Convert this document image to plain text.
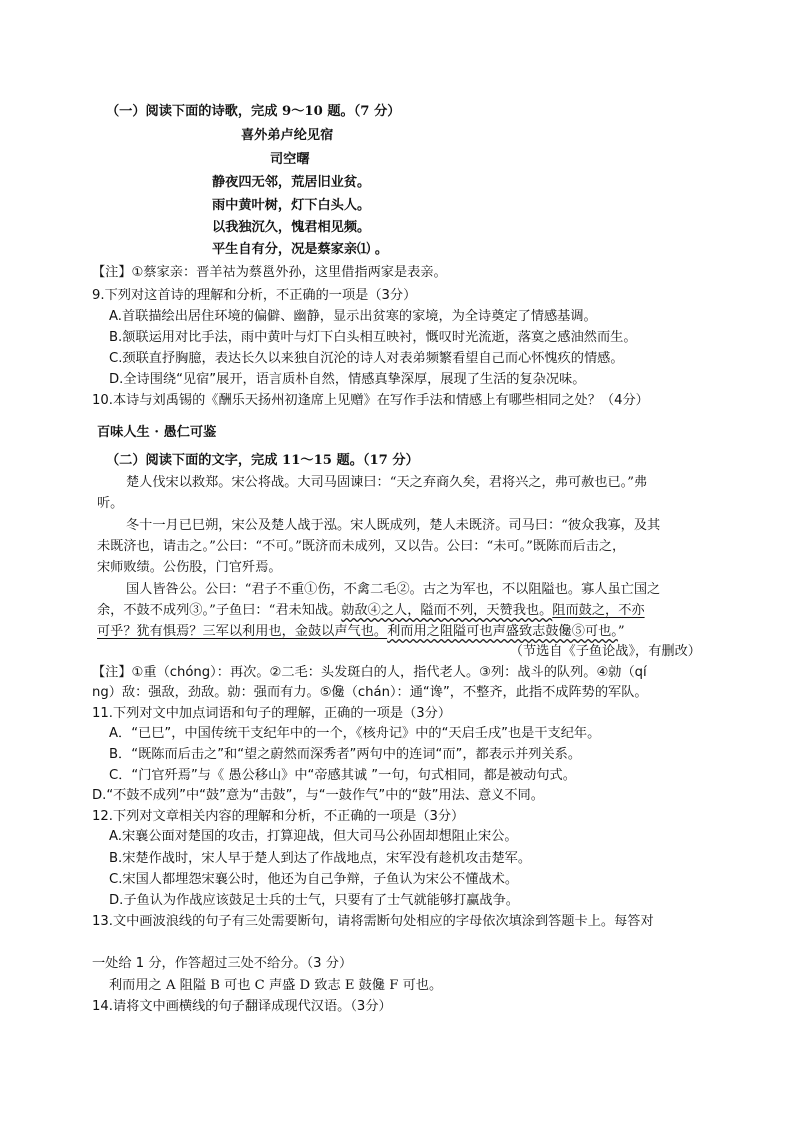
（一）阅读下面的诗歌，完成 9～10 题。（7 分）
喜外弟卢纶见宿
司空曙
静夜四无邻，荒居旧业贫。
雨中黄叶树，灯下白头人。
以我独沉久，愧君相见频。
平生自有分，况是蔡家亲⑴ 。
【注】①蔡家亲：晋羊祜为蔡邕外孙，这里借指两家是表亲。
9.下列对这首诗的理解和分析，不正确的一项是（3分）
A.首联描绘出居住环境的偏僻、幽静，显示出贫寒的家境，为全诗奠定了情感基调。
B.颔联运用对比手法，雨中黄叶与灯下白头相互映衬，慨叹时光流逝，落寞之感油然而生。
C.颈联直抒胸臆，表达长久以来独自沉沦的诗人对表弟频繁看望自己而心怀愧疚的情感。
D.全诗围绕“见宿”展开，语言质朴自然，情感真挚深厚，展现了生活的复杂况味。
10.本诗与刘禹锡的《酬乐天扬州初逢席上见赠》在写作手法和情感上有哪些相同之处？（4分）
百味人生 · 愚仁可鉴
（二）阅读下面的文字，完成 11～15 题。（17 分）
楚人伐宋以救郑。宋公将战。大司马固谏曰：“天之弃商久矣，君将兴之，弗可赦也已。”弗
听。
冬十一月已巳朔，宋公及楚人战于泓。宋人既成列，楚人未既济。司马曰：“彼众我寡，及其
未既济也，请击之。”公曰：“不可。”既济而未成列，又以告。公曰：“未可。”既陈而后击之，
宋师败绩。公伤股，门官歼焉。
国人皆咎公。公曰：“君子不重①伤，不禽二毛②。古之为军也，不以阻隘也。寡人虽亡国之
余，不鼓不成列③。”子鱼曰：“君未知战。勍敌④之人，隘而不列，天赞我也。阻而鼓之，不亦
可乎？犹有惧焉？三军以利用也，金鼓以声气也。利而用之阻隘可也声盛致志鼓儳⑤可也。”
（节选自《子鱼论战》，有删改）
【注】①重（chóng）：再次。②二毛：头发斑白的人，指代老人。③列：战斗的队列。④勍（qí
ng）敌：强敌，劲敌。勍：强而有力。⑤儳（chán）：通“谗”，不整齐，此指不成阵势的军队。
11.下列对文中加点词语和句子的理解，正确的一项是（3分）
A．“已巳”，中国传统干支纪年中的一个，《核舟记》中的“天启壬戌”也是干支纪年。
B．“既陈而后击之”和“望之蔚然而深秀者”两句中的连词“而”，都表示并列关系。
C．“门官歼焉”与《 愚公移山》中“帝感其诚 ”一句，句式相同，都是被动句式。
D.“不鼓不成列”中“鼓”意为“击鼓”，与“一鼓作气”中的“鼓”用法、意义不同。
12.下列对文章相关内容的理解和分析，不正确的一项是（3分）
A.宋襄公面对楚国的攻击，打算迎战，但大司马公孙固却想阻止宋公。
B.宋楚作战时，宋人早于楚人到达了作战地点，宋军没有趁机攻击楚军。
C.宋国人都埋怨宋襄公时，他还为自己争辩，子鱼认为宋公不懂战术。
D.子鱼认为作战应该鼓足士兵的士气，只要有了士气就能够打赢战争。
13.文中画波浪线的句子有三处需要断句，请将需断句处相应的字母依次填涂到答题卡上。每答对
一处给 1 分，作答超过三处不给分。（3 分）
利而用之 A 阻隘 B 可也 C 声盛 D 致志 E 鼓儳 F 可也。
14.请将文中画横线的句子翻译成现代汉语。（3分）
